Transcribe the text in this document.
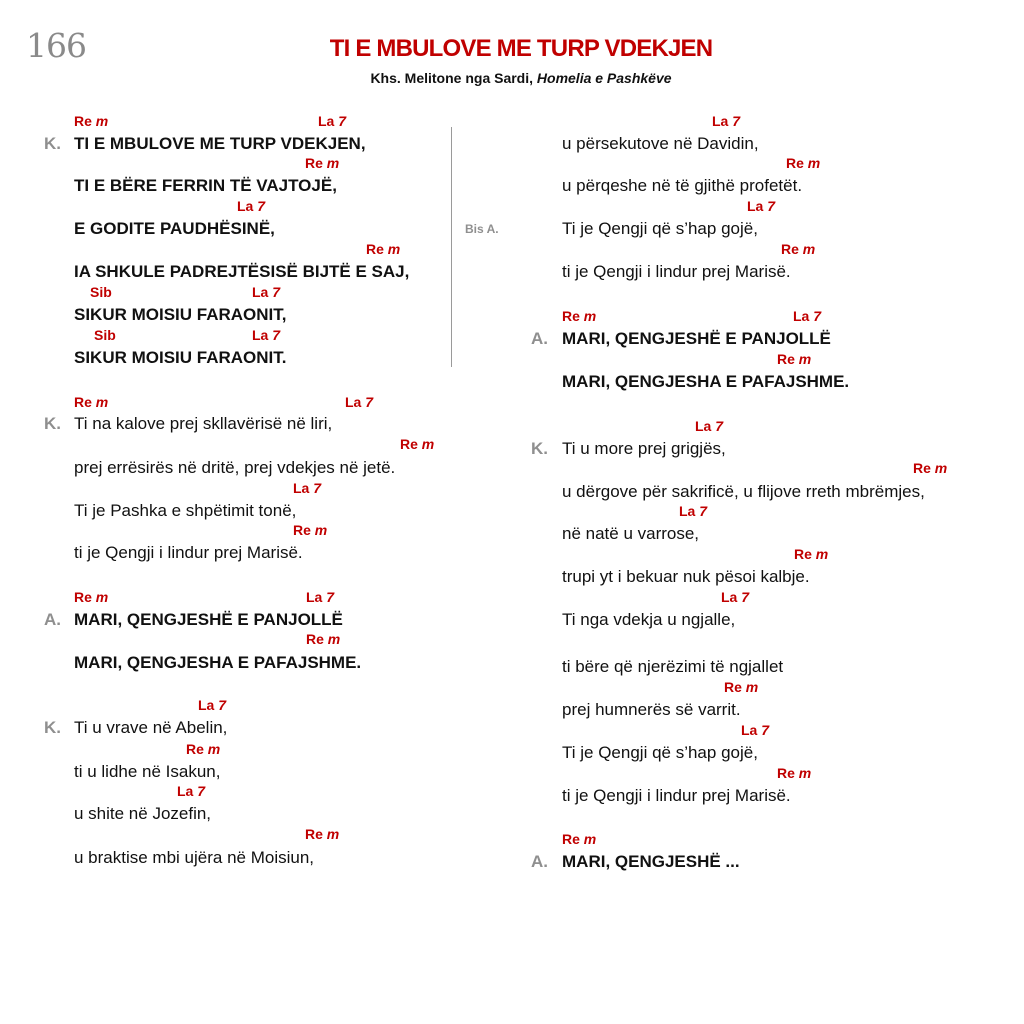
166	TI E MBULOVE ME TURP VDEKJEN
Khs. Melitone nga Sardi, Homelia e Pashkëve
Re m	La 7
K. TI E MBULOVE ME TURP VDEKJEN,
Re m
TI E BËRE FERRIN TË VAJTOJË,
La 7
E GODITE PAUDHËSINË,
Re m
IA SHKULE PADREJTËSISË BIJTË E SAJ,
Sib	La 7
SIKUR MOISIU FARAONIT,
Sib	La 7
SIKUR MOISIU FARAONIT.
Re m	La 7
K. Ti na kalove prej skllavërisë në liri,
Re m
prej errësirës në dritë, prej vdekjes në jetë.
La 7
Ti je Pashka e shpëtimit tonë,
Re m
ti je Qengji i lindur prej Marisë.
Re m	La 7
A. MARI, QENGJESHË E PANJOLLË
Re m
MARI, QENGJESHA E PAFAJSHME.
La 7
K. Ti u vrave në Abelin,
Re m
ti u lidhe në Isakun,
La 7
u shite në Jozefin,
Re m
u braktise mbi ujëra në Moisiun,
La 7
u përsekutove në Davidin,
Re m
u përqeshe në të gjithë profetët.
La 7
Bis A.	Ti je Qengji që s’hap gojë,
Re m
ti je Qengji i lindur prej Marisë.
Re m	La 7
A. MARI, QENGJESHË E PANJOLLË
Re m
MARI, QENGJESHA E PAFAJSHME.
La 7
K. Ti u more prej grigjës,
Re m
u dërgove për sakrificë, u flijove rreth mbrëmjes,
La 7
në natë u varrose,
Re m
trupi yt i bekuar nuk pësoi kalbje.
La 7
Ti nga vdekja u ngjalle,
ti bëre që njerëzimi të ngjallet
Re m
prej humnerës së varrit.
La 7
Ti je Qengji që s’hap gojë,
Re m
ti je Qengji i lindur prej Marisë.
Re m
A. MARI, QENGJESHË ...
